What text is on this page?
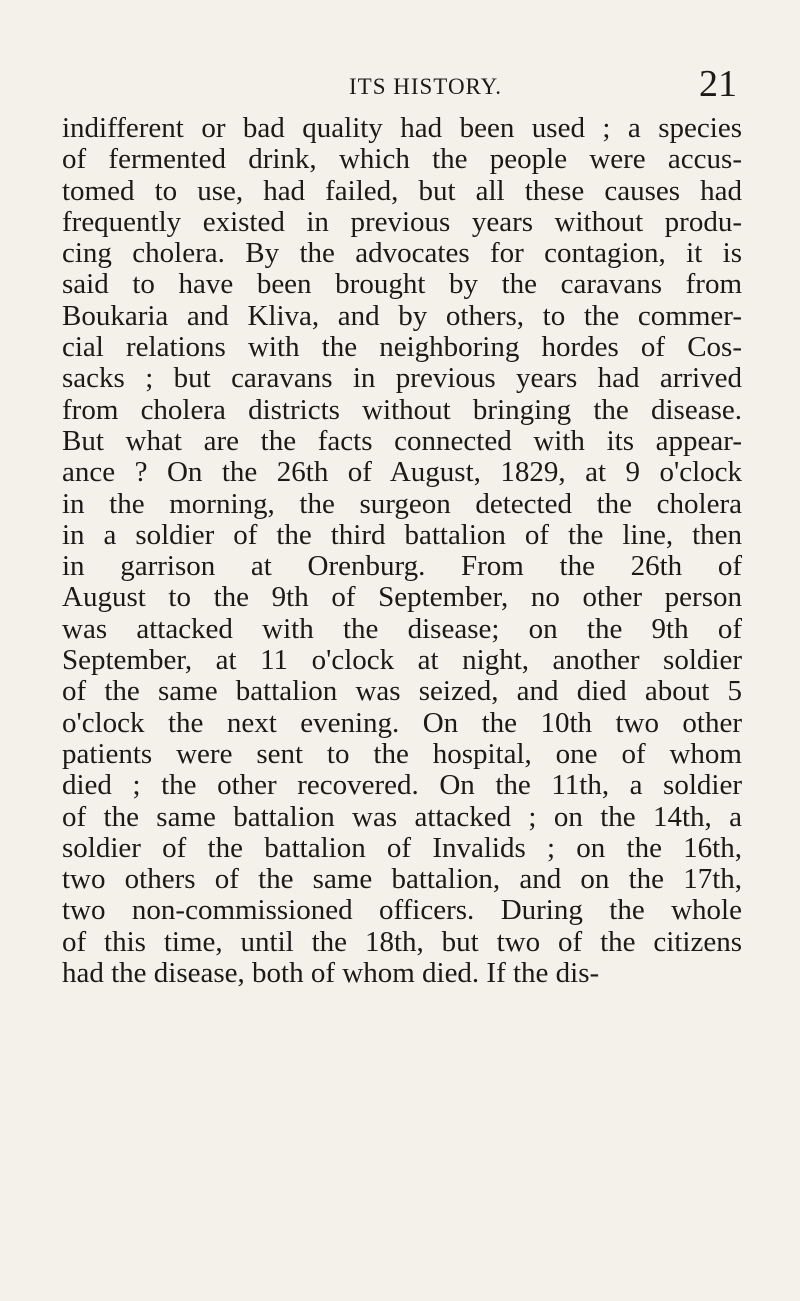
ITS HISTORY.	21
indifferent or bad quality had been used ; a species
of fermented drink, which the people were accus-
tomed to use, had failed, but all these causes had
frequently existed in previous years without produ-
cing cholera. By the advocates for contagion, it is
said to have been brought by the caravans from
Boukaria and Kliva, and by others, to the commer-
cial relations with the neighboring hordes of Cos-
sacks ; but caravans in previous years had arrived
from cholera districts without bringing the disease.
But what are the facts connected with its appear-
ance ? On the 26th of August, 1829, at 9 o'clock
in the morning, the surgeon detected the cholera
in a soldier of the third battalion of the line, then
in garrison at Orenburg. From the 26th of
August to the 9th of September, no other person
was attacked with the disease; on the 9th of
September, at 11 o'clock at night, another soldier
of the same battalion was seized, and died about 5
o'clock the next evening. On the 10th two other
patients were sent to the hospital, one of whom
died ; the other recovered. On the 11th, a soldier
of the same battalion was attacked ; on the 14th, a
soldier of the battalion of Invalids ; on the 16th,
two others of the same battalion, and on the 17th,
two non-commissioned officers. During the whole
of this time, until the 18th, but two of the citizens
had the disease, both of whom died. If the dis-
